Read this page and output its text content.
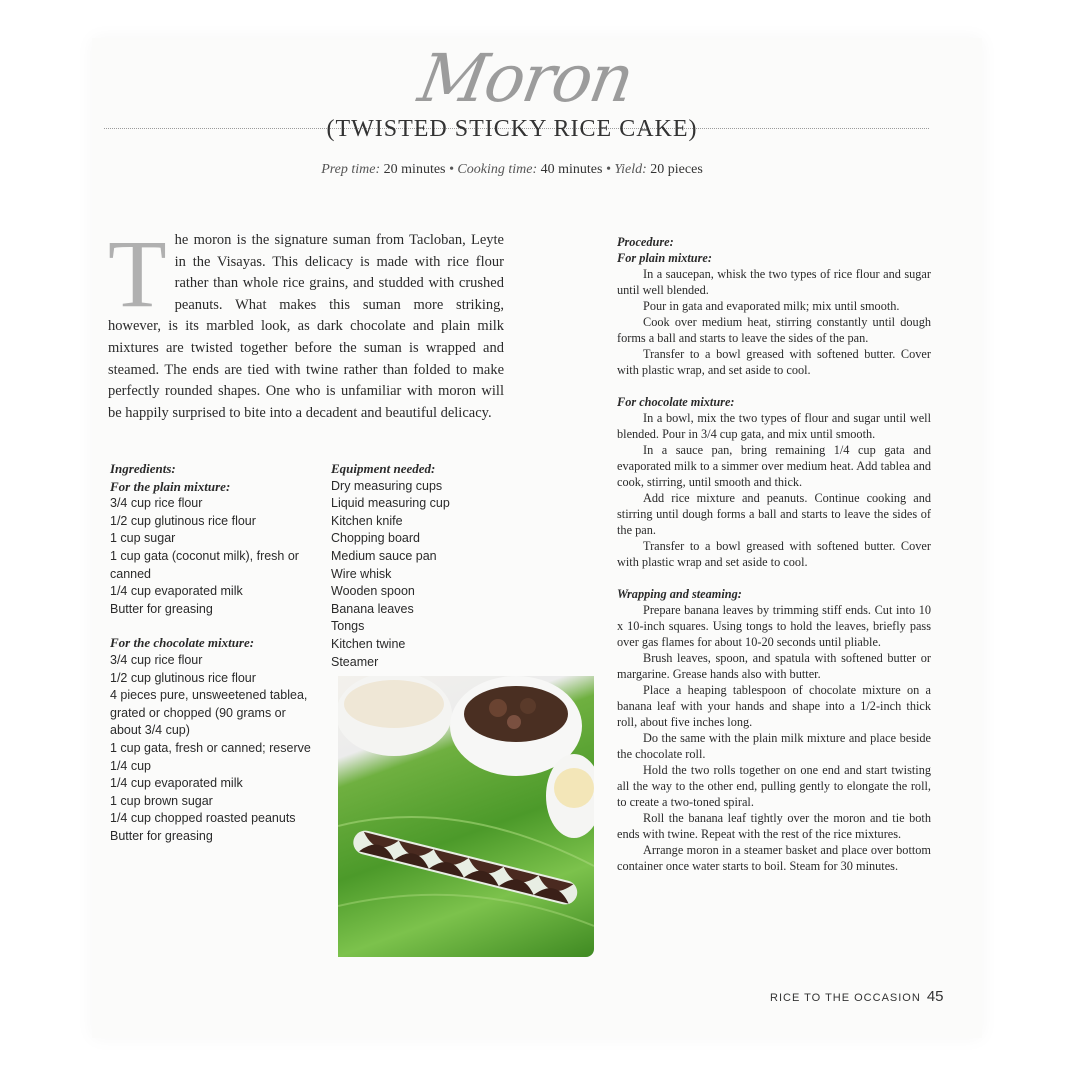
Moron
(TWISTED STICKY RICE CAKE)
Prep time: 20 minutes • Cooking time: 40 minutes • Yield: 20 pieces
The moron is the signature suman from Tacloban, Leyte in the Visayas. This delicacy is made with rice flour rather than whole rice grains, and studded with crushed peanuts. What makes this suman more striking, however, is its marbled look, as dark chocolate and plain milk mixtures are twisted together before the suman is wrapped and steamed. The ends are tied with twine rather than folded to make perfectly rounded shapes. One who is unfamiliar with moron will be happily surprised to bite into a decadent and beautiful delicacy.
Ingredients:
For the plain mixture:
3/4 cup rice flour
1/2 cup glutinous rice flour
1 cup sugar
1 cup gata (coconut milk), fresh or canned
1/4 cup evaporated milk
Butter for greasing
For the chocolate mixture:
3/4 cup rice flour
1/2 cup glutinous rice flour
4 pieces pure, unsweetened tablea, grated or chopped (90 grams or about 3/4 cup)
1 cup gata, fresh or canned; reserve 1/4 cup
1/4 cup evaporated milk
1 cup brown sugar
1/4 cup chopped roasted peanuts
Butter for greasing
Equipment needed:
Dry measuring cups
Liquid measuring cup
Kitchen knife
Chopping board
Medium sauce pan
Wire whisk
Wooden spoon
Banana leaves
Tongs
Kitchen twine
Steamer
Procedure:
For plain mixture:

In a saucepan, whisk the two types of rice flour and sugar until well blended.

Pour in gata and evaporated milk; mix until smooth.

Cook over medium heat, stirring constantly until dough forms a ball and starts to leave the sides of the pan.

Transfer to a bowl greased with softened butter. Cover with plastic wrap, and set aside to cool.

For chocolate mixture:

In a bowl, mix the two types of flour and sugar until well blended. Pour in 3/4 cup gata, and mix until smooth.

In a sauce pan, bring remaining 1/4 cup gata and evaporated milk to a simmer over medium heat. Add tablea and cook, stirring, until smooth and thick.

Add rice mixture and peanuts. Continue cooking and stirring until dough forms a ball and starts to leave the sides of the pan.

Transfer to a bowl greased with softened butter. Cover with plastic wrap and set aside to cool.

Wrapping and steaming:

Prepare banana leaves by trimming stiff ends. Cut into 10 x 10-inch squares. Using tongs to hold the leaves, briefly pass over gas flames for about 10-20 seconds until pliable.

Brush leaves, spoon, and spatula with softened butter or margarine. Grease hands also with butter.

Place a heaping tablespoon of chocolate mixture on a banana leaf with your hands and shape into a 1/2-inch thick roll, about five inches long.

Do the same with the plain milk mixture and place beside the chocolate roll.

Hold the two rolls together on one end and start twisting all the way to the other end, pulling gently to elongate the roll, to create a two-toned spiral.

Roll the banana leaf tightly over the moron and tie both ends with twine. Repeat with the rest of the rice mixtures.

Arrange moron in a steamer basket and place over bottom container once water starts to boil. Steam for 30 minutes.

RICE TO THE OCCASION 45
